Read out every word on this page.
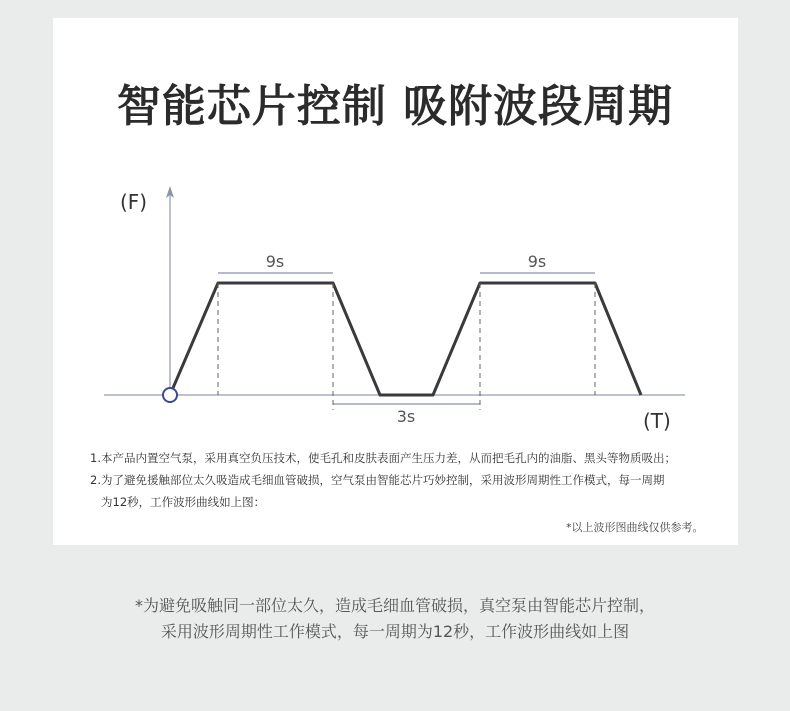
智能芯片控制 吸附波段周期
(F)
(T)
9s	9s
3s

1.本产品内置空气泵，采用真空负压技术，使毛孔和皮肤表面产生压力差，从而把毛孔内的油脂、黑头等物质吸出；

2.为了避免援触部位太久吸造成毛细血管破损，空气泵由智能芯片巧妙控制，采用波形周期性工作模式，每一周期

为12秒，工作波形曲线如上图：

*以上波形图曲线仅供参考。

*为避免吸触同一部位太久，造成毛细血管破损，真空泵由智能芯片控制，

采用波形周期性工作模式，每一周期为12秒，工作波形曲线如上图
